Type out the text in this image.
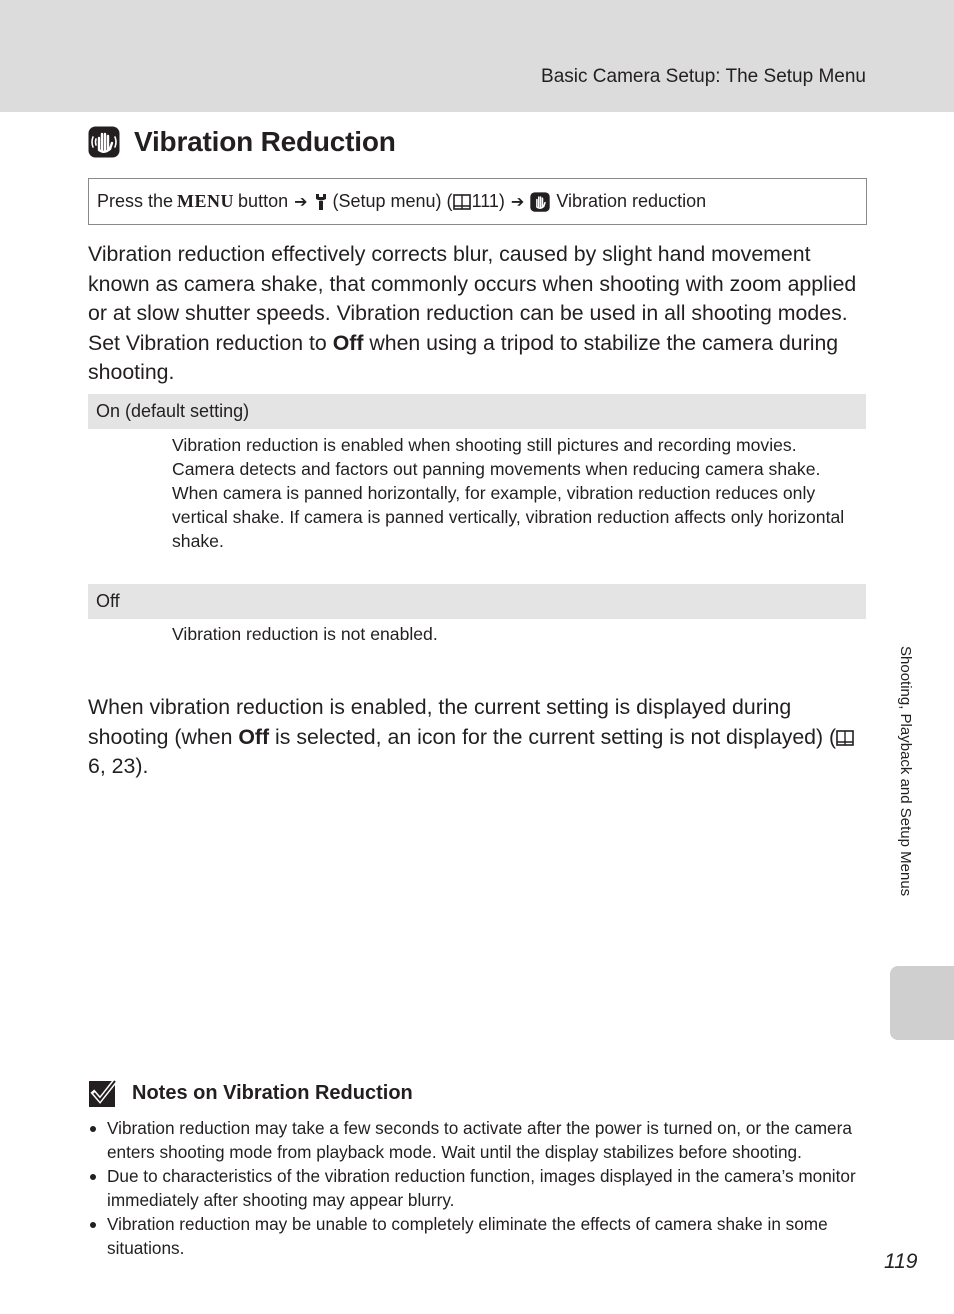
Basic Camera Setup: The Setup Menu
Vibration Reduction
Press the MENU button ➔ (Setup menu) ( 111) ➔ Vibration reduction

Vibration reduction effectively corrects blur, caused by slight hand movement known as camera shake, that commonly occurs when shooting with zoom applied or at slow shutter speeds. Vibration reduction can be used in all shooting modes. Set Vibration reduction to Off when using a tripod to stabilize the camera during shooting.

On (default setting)
Vibration reduction is enabled when shooting still pictures and recording movies. Camera detects and factors out panning movements when reducing camera shake.
When camera is panned horizontally, for example, vibration reduction reduces only vertical shake. If camera is panned vertically, vibration reduction affects only horizontal shake.
Off
Vibration reduction is not enabled.

When vibration reduction is enabled, the current setting is displayed during shooting (when Off is selected, an icon for the current setting is not displayed) (6, 23).	Shooting, Playback and Setup Menus
Notes on Vibration Reduction
Vibration reduction may take a few seconds to activate after the power is turned on, or the camera enters shooting mode from playback mode. Wait until the display stabilizes before shooting.
Due to characteristics of the vibration reduction function, images displayed in the camera’s monitor immediately after shooting may appear blurry.
Vibration reduction may be unable to completely eliminate the effects of camera shake in some situations.
119
